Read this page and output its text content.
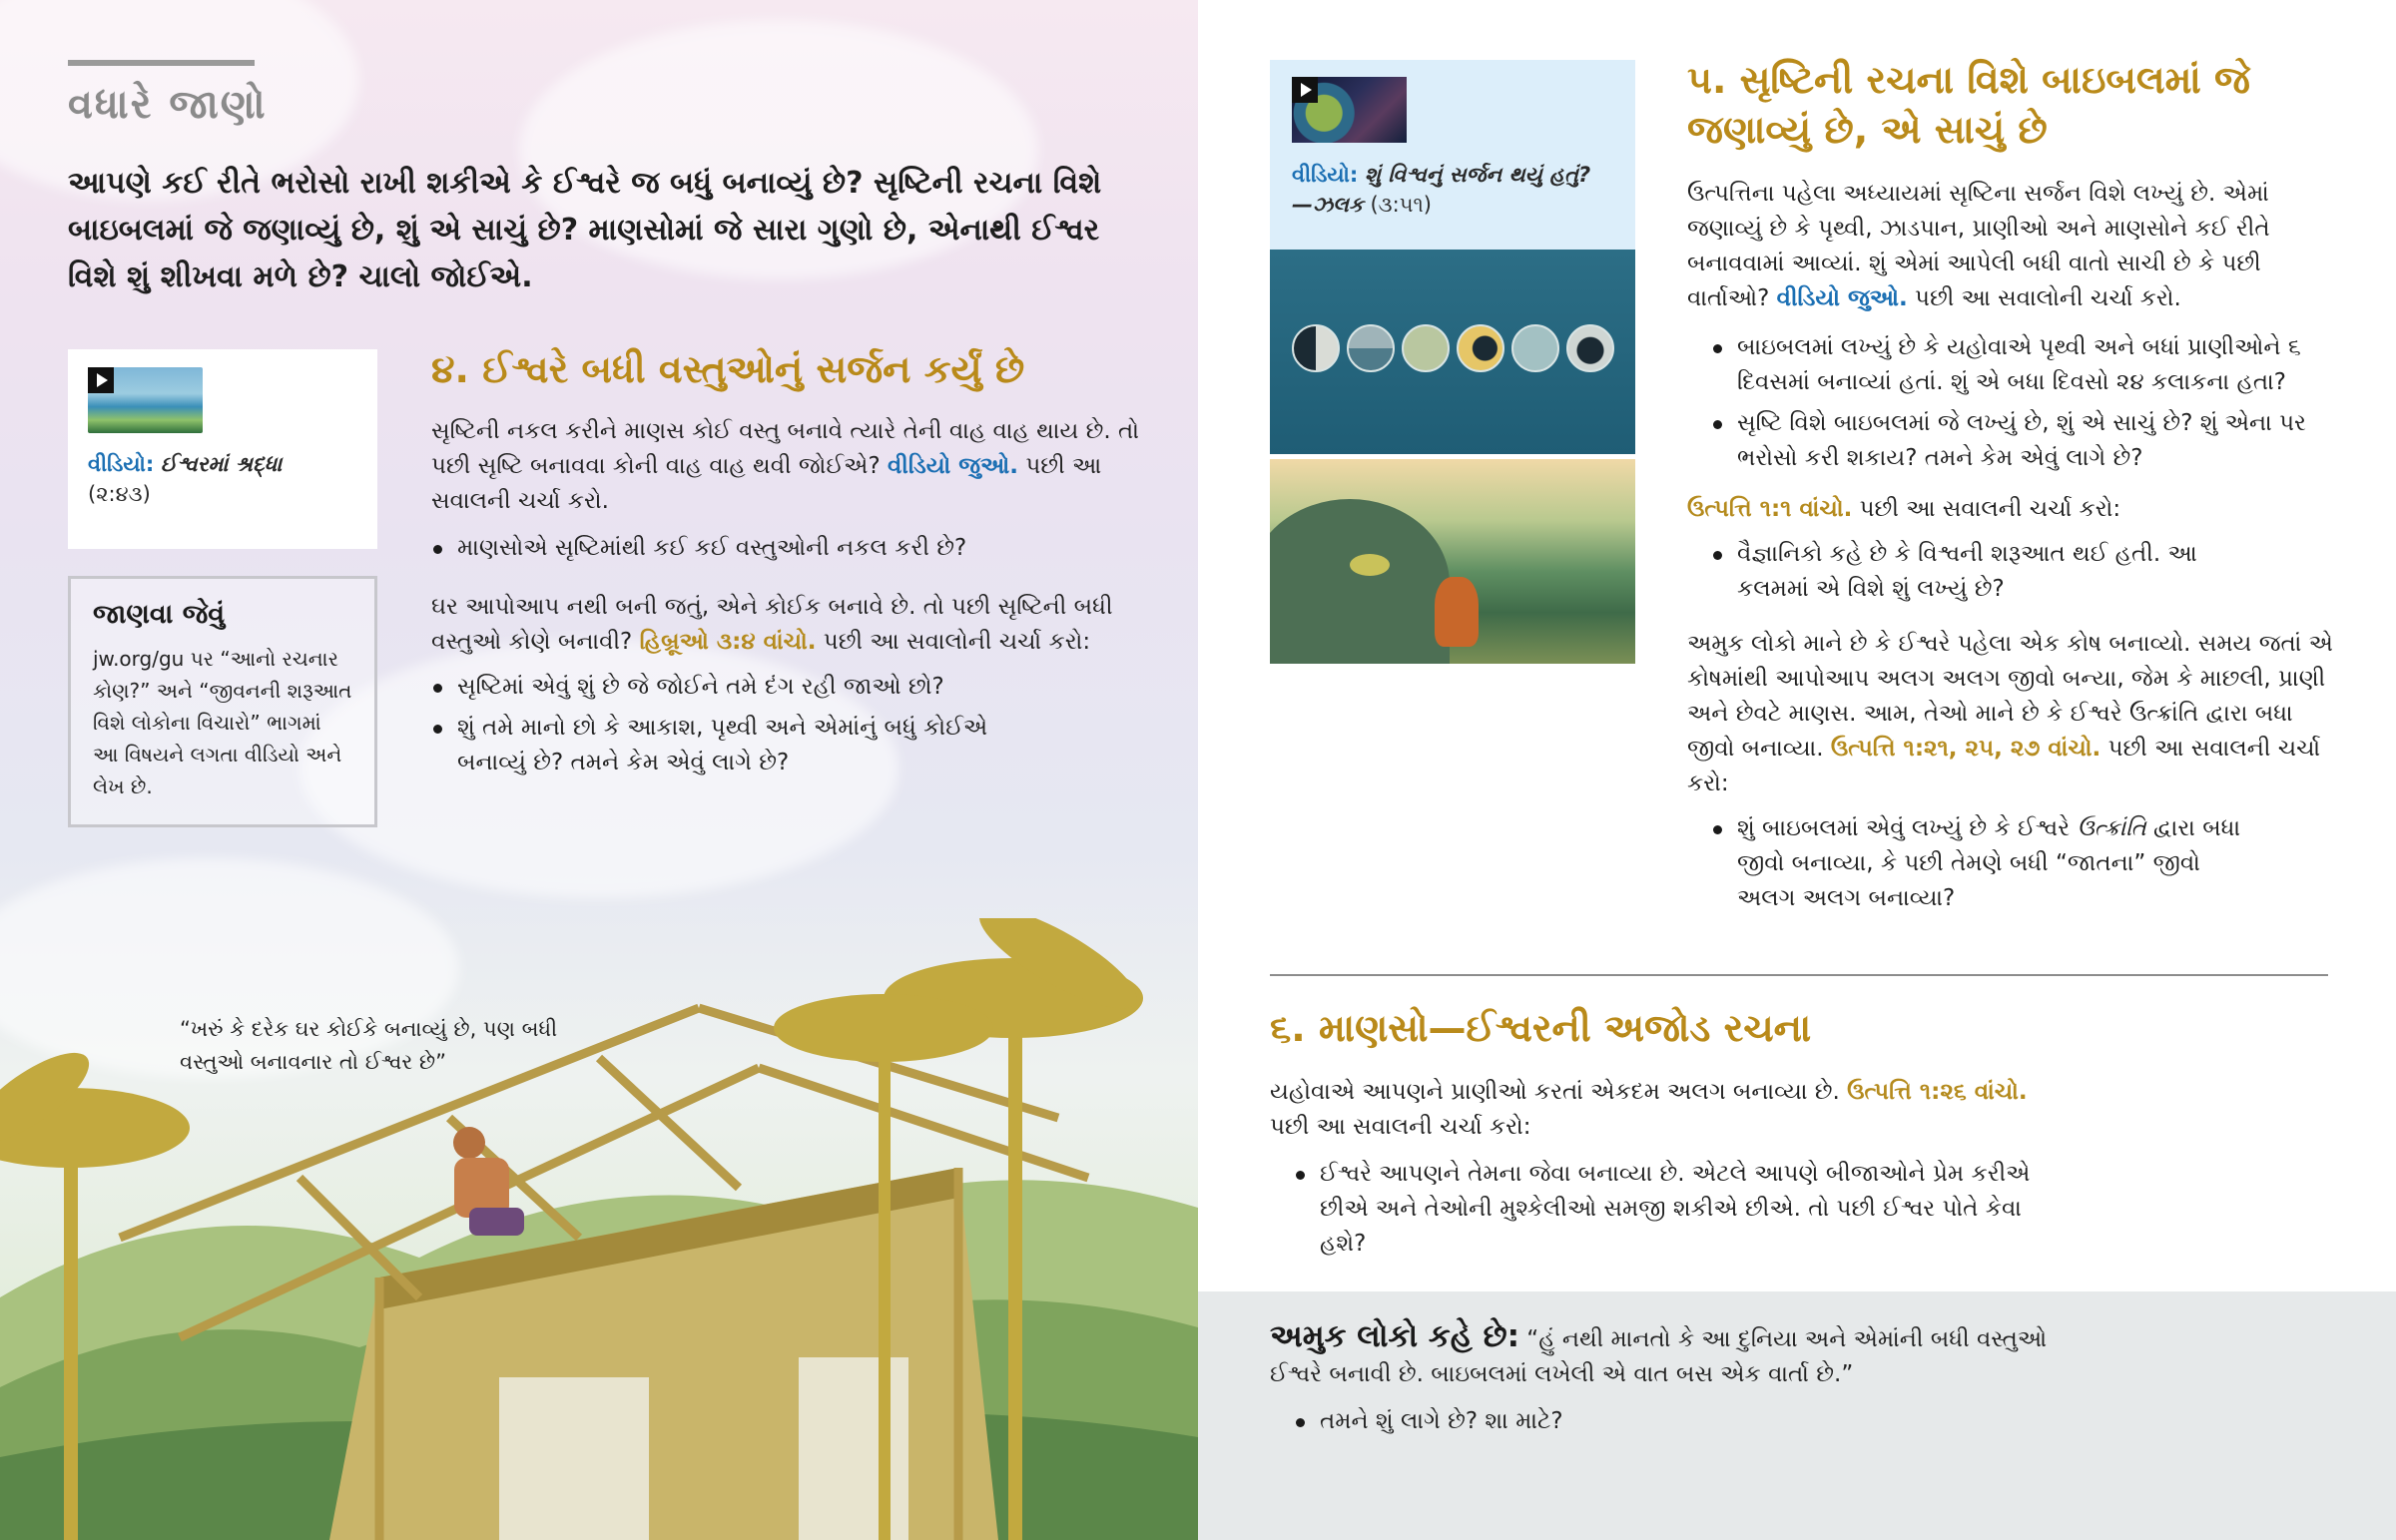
વધારે જાણો
આપણે કઈ રીતે ભરોસો રાખી શકીએ કે ઈશ્વરે જ બધું બનાવ્યું છે? સૃષ્ટિની રચના વિશે બાઇબલમાં જે જણાવ્યું છે, શું એ સાચું છે? માણસોમાં જે સારા ગુણો છે, એનાથી ઈશ્વર વિશે શું શીખવા મળે છે? ચાલો જોઈએ.
વીડિયો: ઈશ્વરમાં શ્રદ્ધા
(૨:૪૩)
જાણવા જેવું
jw.org/gu પર “આનો રચનાર કોણ?” અને “જીવનની શરૂઆત વિશે લોકોના વિચારો” ભાગમાં આ વિષયને લગતા વીડિયો અને લેખ છે.
૪. ઈશ્વરે બધી વસ્તુઓનું સર્જન કર્યું છે
સૃષ્ટિની નકલ કરીને માણસ કોઈ વસ્તુ બનાવે ત્યારે તેની વાહ વાહ થાય છે. તો પછી સૃષ્ટિ બનાવવા કોની વાહ વાહ થવી જોઈએ? વીડિયો જુઓ. પછી આ સવાલની ચર્ચા કરો.
માણસોએ સૃષ્ટિમાંથી કઈ કઈ વસ્તુઓની નકલ કરી છે?
ઘર આપોઆપ નથી બની જતું, એને કોઈક બનાવે છે. તો પછી સૃષ્ટિની બધી વસ્તુઓ કોણે બનાવી? હિબ્રૂઓ ૩:૪ વાંચો. પછી આ સવાલોની ચર્ચા કરો:
સૃષ્ટિમાં એવું શું છે જે જોઈને તમે દંગ રહી જાઓ છો?
શું તમે માનો છો કે આકાશ, પૃથ્વી અને એમાંનું બધું કોઈએ બનાવ્યું છે? તમને કેમ એવું લાગે છે?
“ખરું કે દરેક ઘર કોઈકે બનાવ્યું છે, પણ બધી વસ્તુઓ બનાવનાર તો ઈશ્વર છે”
વીડિયો: શું વિશ્વનું સર્જન થયું હતું?
—ઝલક (૩:૫૧)
૫. સૃષ્ટિની રચના વિશે બાઇબલમાં જે જણાવ્યું છે, એ સાચું છે
ઉત્પત્તિના પહેલા અધ્યાયમાં સૃષ્ટિના સર્જન વિશે લખ્યું છે. એમાં જણાવ્યું છે કે પૃથ્વી, ઝાડપાન, પ્રાણીઓ અને માણસોને કઈ રીતે બનાવવામાં આવ્યાં. શું એમાં આપેલી બધી વાતો સાચી છે કે પછી વાર્તાઓ? વીડિયો જુઓ. પછી આ સવાલોની ચર્ચા કરો.
બાઇબલમાં લખ્યું છે કે યહોવાએ પૃથ્વી અને બધાં પ્રાણીઓને ૬ દિવસમાં બનાવ્યાં હતાં. શું એ બધા દિવસો ૨૪ કલાકના હતા?
સૃષ્ટિ વિશે બાઇબલમાં જે લખ્યું છે, શું એ સાચું છે? શું એના પર ભરોસો કરી શકાય? તમને કેમ એવું લાગે છે?
ઉત્પત્તિ ૧:૧ વાંચો. પછી આ સવાલની ચર્ચા કરો:
વૈજ્ઞાનિકો કહે છે કે વિશ્વની શરૂઆત થઈ હતી. આ કલમમાં એ વિશે શું લખ્યું છે?
અમુક લોકો માને છે કે ઈશ્વરે પહેલા એક કોષ બનાવ્યો. સમય જતાં એ કોષમાંથી આપોઆપ અલગ અલગ જીવો બન્યા, જેમ કે માછલી, પ્રાણી અને છેવટે માણસ. આમ, તેઓ માને છે કે ઈશ્વરે ઉત્ક્રાંતિ દ્વારા બધા જીવો બનાવ્યા. ઉત્પત્તિ ૧:૨૧, ૨૫, ૨૭ વાંચો. પછી આ સવાલની ચર્ચા કરો:
શું બાઇબલમાં એવું લખ્યું છે કે ઈશ્વરે ઉત્ક્રાંતિ દ્વારા બધા જીવો બનાવ્યા, કે પછી તેમણે બધી “જાતના” જીવો અલગ અલગ બનાવ્યા?
૬. માણસો—ઈશ્વરની અજોડ રચના
યહોવાએ આપણને પ્રાણીઓ કરતાં એકદમ અલગ બનાવ્યા છે. ઉત્પત્તિ ૧:૨૬ વાંચો. પછી આ સવાલની ચર્ચા કરો:
ઈશ્વરે આપણને તેમના જેવા બનાવ્યા છે. એટલે આપણે બીજાઓને પ્રેમ કરીએ છીએ અને તેઓની મુશ્કેલીઓ સમજી શકીએ છીએ. તો પછી ઈશ્વર પોતે કેવા હશે?
અમુક લોકો કહે છે: “હું નથી માનતો કે આ દુનિયા અને એમાંની બધી વસ્તુઓ ઈશ્વરે બનાવી છે. બાઇબલમાં લખેલી એ વાત બસ એક વાર્તા છે.”
તમને શું લાગે છે? શા માટે?
